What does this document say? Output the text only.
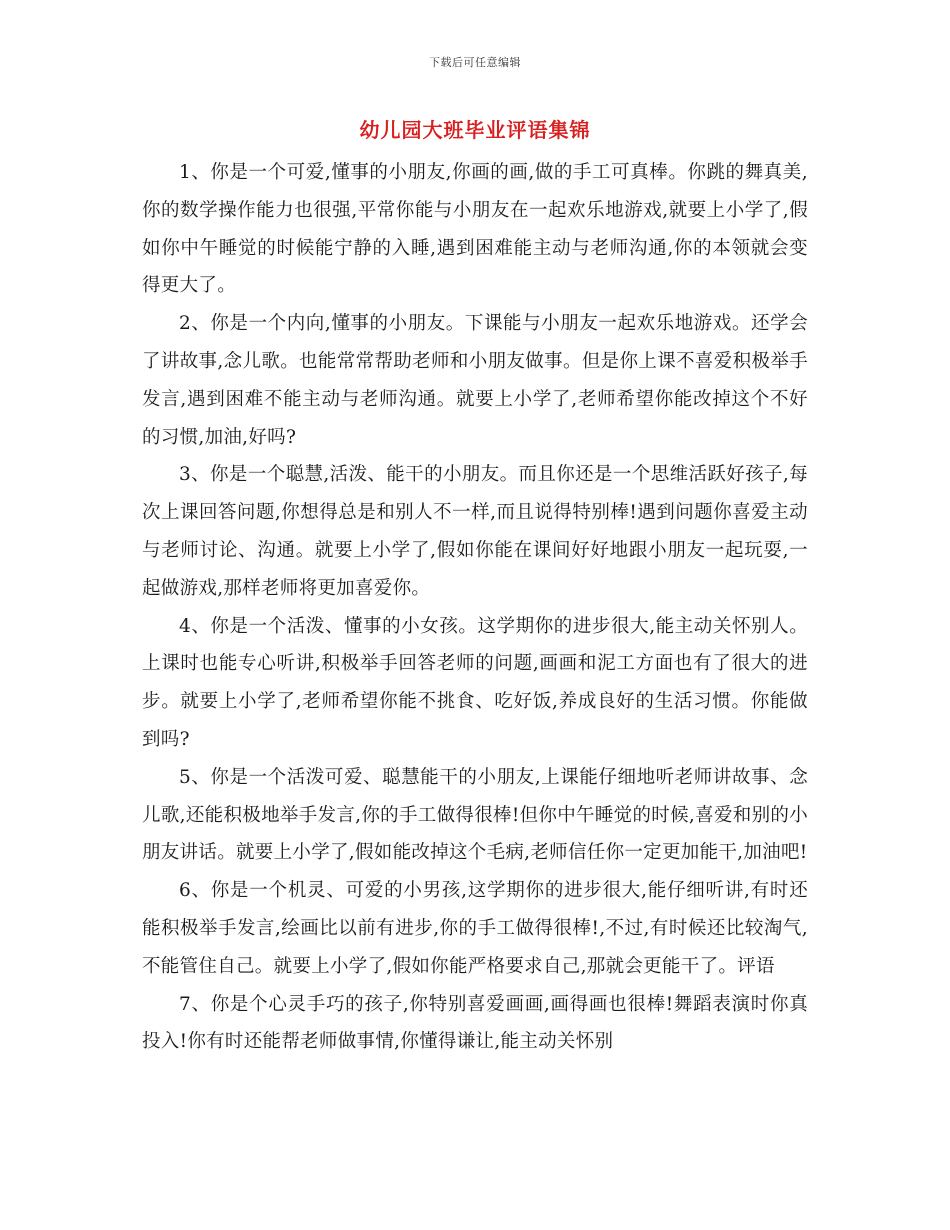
下载后可任意编辑
幼儿园大班毕业评语集锦

1、你是一个可爱,懂事的小朋友,你画的画,做的手工可真棒。你跳的舞真美,你的数学操作能力也很强,平常你能与小朋友在一起欢乐地游戏,就要上小学了,假如你中午睡觉的时候能宁静的入睡,遇到困难能主动与老师沟通,你的本领就会变得更大了。

2、你是一个内向,懂事的小朋友。下课能与小朋友一起欢乐地游戏。还学会了讲故事,念儿歌。也能常常帮助老师和小朋友做事。但是你上课不喜爱积极举手发言,遇到困难不能主动与老师沟通。就要上小学了,老师希望你能改掉这个不好的习惯,加油,好吗?

3、你是一个聪慧,活泼、能干的小朋友。而且你还是一个思维活跃好孩子,每次上课回答问题,你想得总是和别人不一样,而且说得特别棒!遇到问题你喜爱主动与老师讨论、沟通。就要上小学了,假如你能在课间好好地跟小朋友一起玩耍,一起做游戏,那样老师将更加喜爱你。

4、你是一个活泼、懂事的小女孩。这学期你的进步很大,能主动关怀别人。上课时也能专心听讲,积极举手回答老师的问题,画画和泥工方面也有了很大的进步。就要上小学了,老师希望你能不挑食、吃好饭,养成良好的生活习惯。你能做到吗?

5、你是一个活泼可爱、聪慧能干的小朋友,上课能仔细地听老师讲故事、念儿歌,还能积极地举手发言,你的手工做得很棒!但你中午睡觉的时候,喜爱和别的小朋友讲话。就要上小学了,假如能改掉这个毛病,老师信任你一定更加能干,加油吧!

6、你是一个机灵、可爱的小男孩,这学期你的进步很大,能仔细听讲,有时还能积极举手发言,绘画比以前有进步,你的手工做得很棒!,不过,有时候还比较淘气,不能管住自己。就要上小学了,假如你能严格要求自己,那就会更能干了。评语

7、你是个心灵手巧的孩子,你特别喜爱画画,画得画也很棒!舞蹈表演时你真投入!你有时还能帮老师做事情,你懂得谦让,能主动关怀别
